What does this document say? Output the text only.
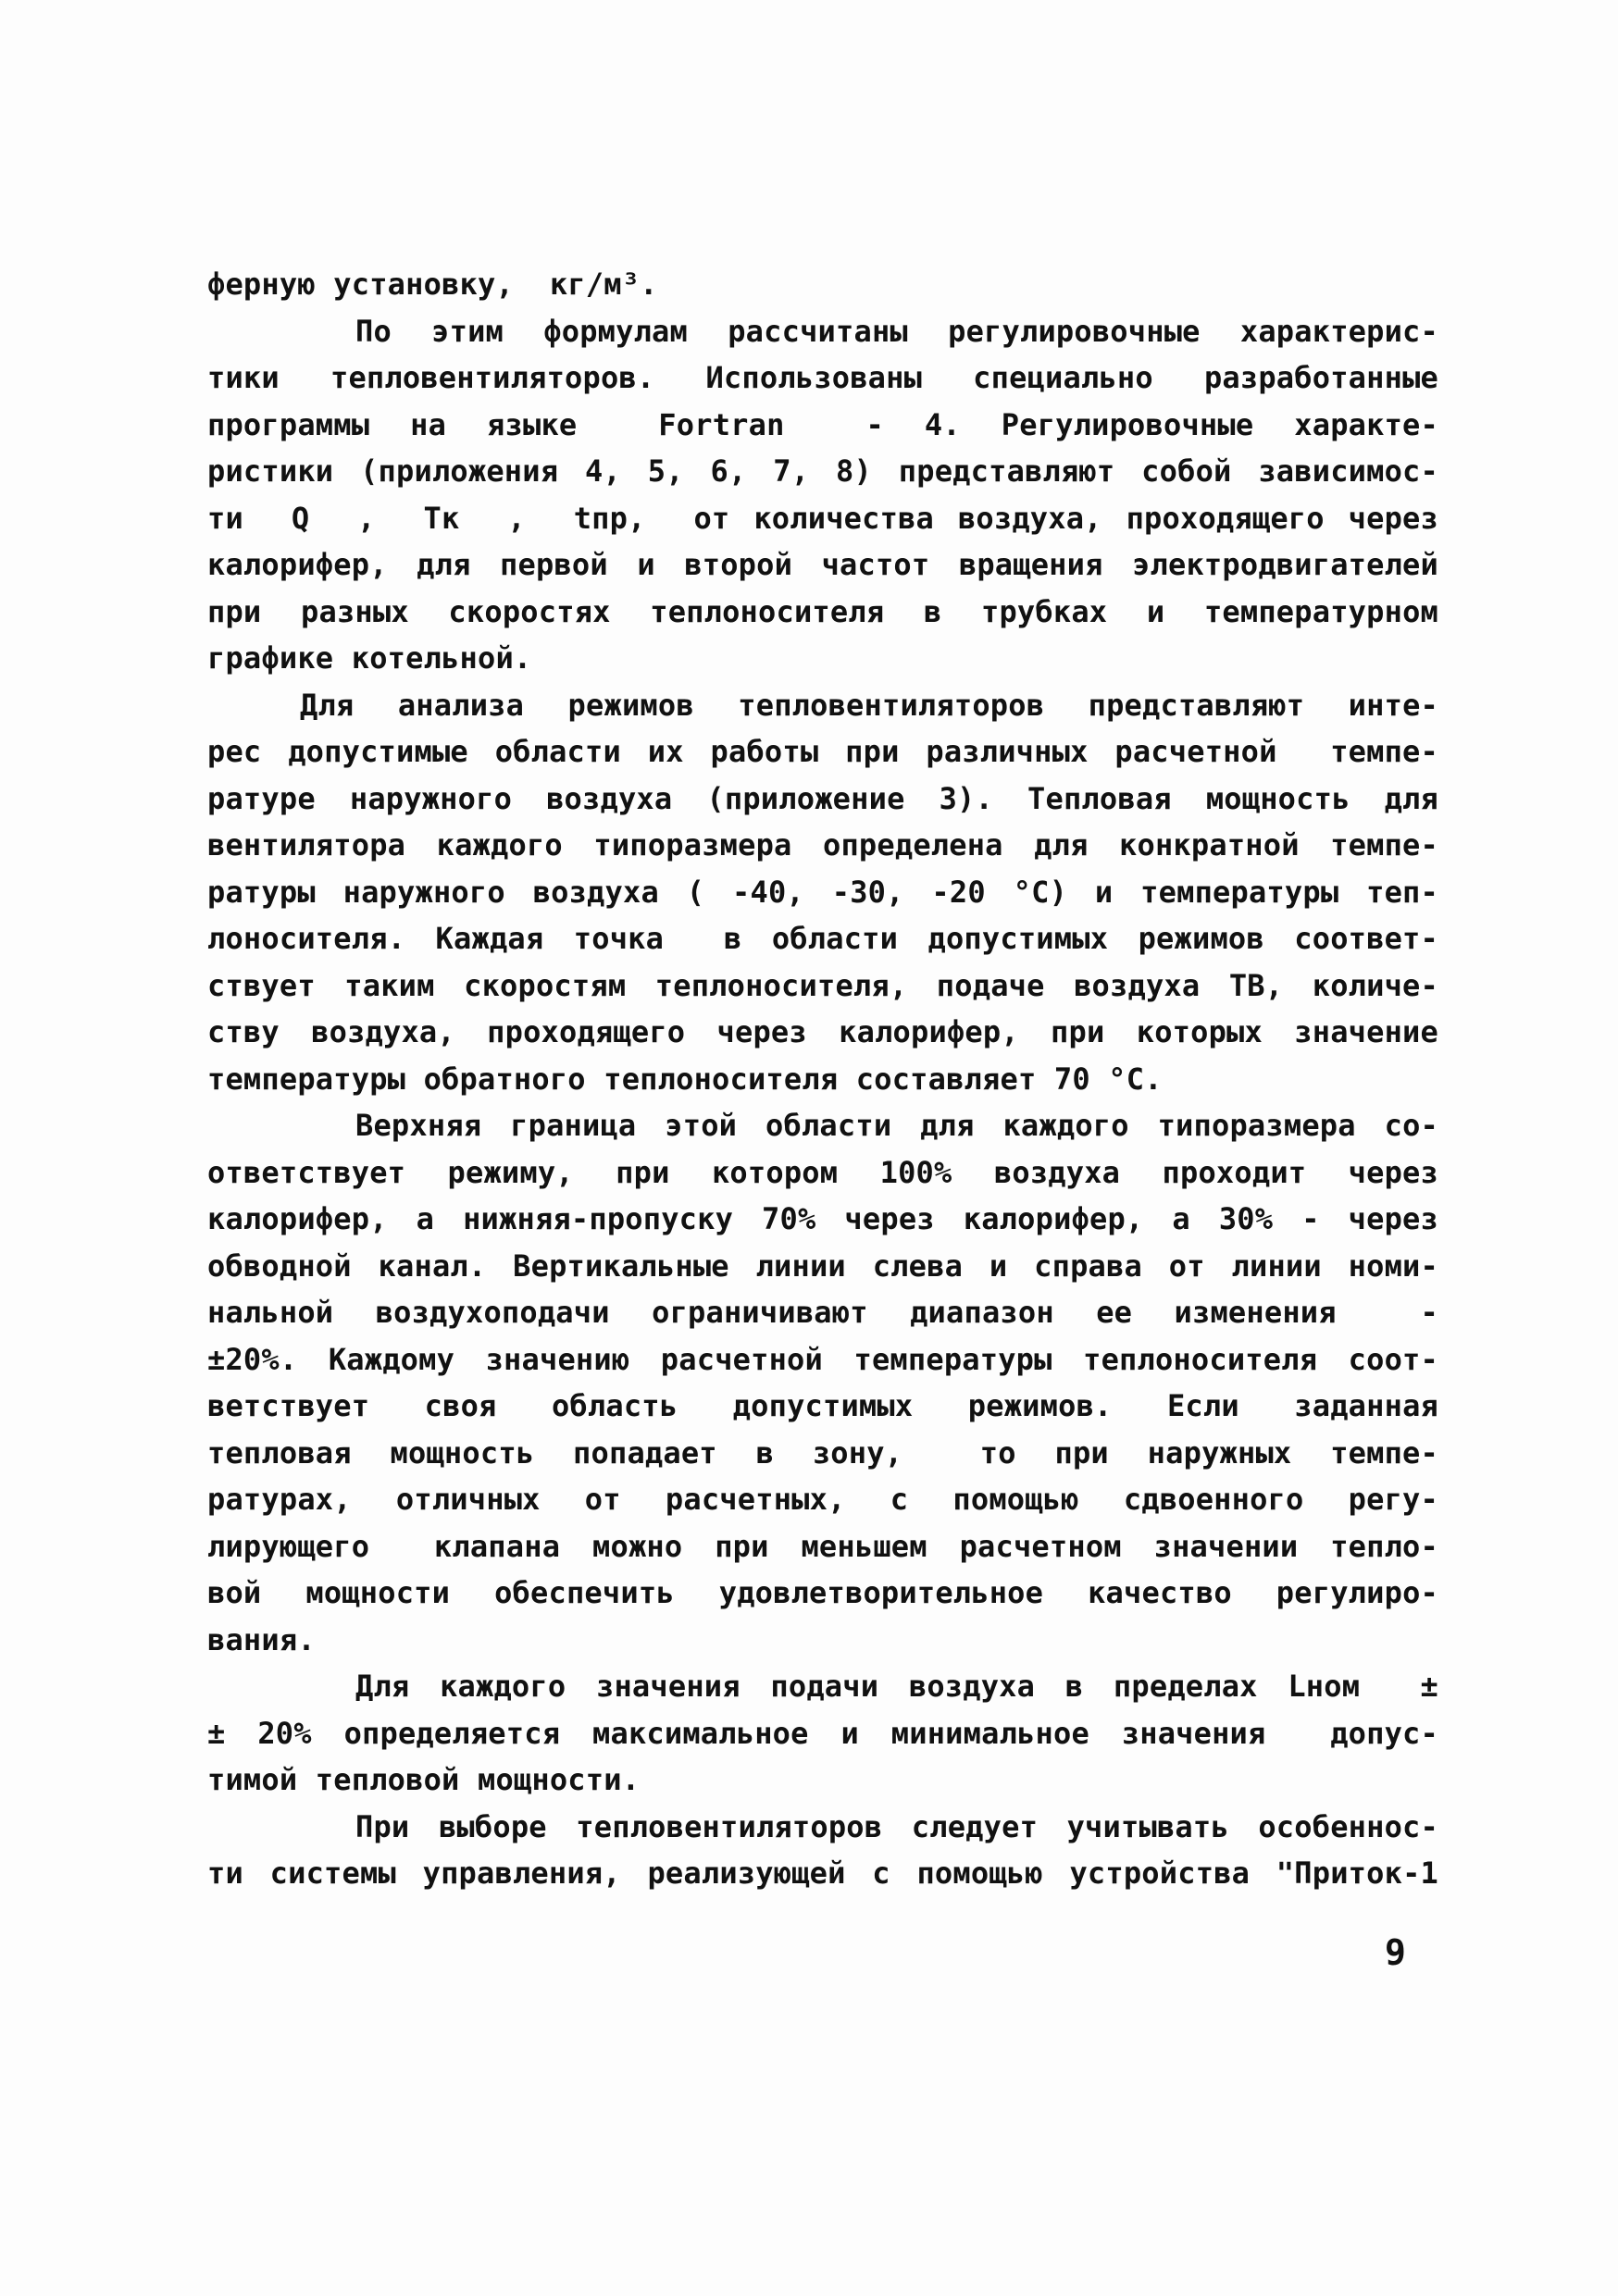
ферную установку,  кг/м³.
По этим формулам рассчитаны регулировочные характерис-
тики тепловентиляторов. Использованы специально разработанные
программы на языке  Fortran  - 4. Регулировочные характе-
ристики (приложения 4, 5, 6, 7, 8) представляют собой зависимос-
ти  Q  ,  Tк  ,  tпр,  от количества воздуха, проходящего через
калорифер, для первой и второй частот вращения электродвигателей
при разных скоростях теплоносителя в трубках и температурном
графике котельной.
Для анализа режимов тепловентиляторов представляют инте-
рес допустимые области их работы при различных расчетной  темпе-
ратуре наружного воздуха (приложение 3). Тепловая мощность для
вентилятора каждого типоразмера определена для конкратной темпе-
ратуры наружного воздуха ( -40, -30, -20 °С) и температуры теп-
лоносителя. Каждая точка  в области допустимых режимов соответ-
ствует таким скоростям теплоносителя, подаче воздуха ТВ, количе-
ству воздуха, проходящего через калорифер, при которых значение
температуры обратного теплоносителя составляет 70 °С.
Верхняя граница этой области для каждого типоразмера со-
ответствует режиму, при котором 100% воздуха проходит через
калорифер, а нижняя-пропуску 70% через калорифер, а 30% - через
обводной канал. Вертикальные линии слева и справа от линии номи-
нальной воздухоподачи ограничивают диапазон ее изменения  -
±20%. Каждому значению расчетной температуры теплоносителя соот-
ветствует своя область допустимых режимов. Если заданная
тепловая мощность попадает в зону,  то при наружных темпе-
ратурах, отличных от расчетных, с помощью сдвоенного регу-
лирующего  клапана можно при меньшем расчетном значении тепло-
вой мощности обеспечить удовлетворительное качество регулиро-
вания.
Для каждого значения подачи воздуха в пределах Lном  ±
± 20% определяется максимальное и минимальное значения  допус-
тимой тепловой мощности.
При выборе тепловентиляторов следует учитывать особеннос-
ти системы управления, реализующей с помощью устройства "Приток-1
9
